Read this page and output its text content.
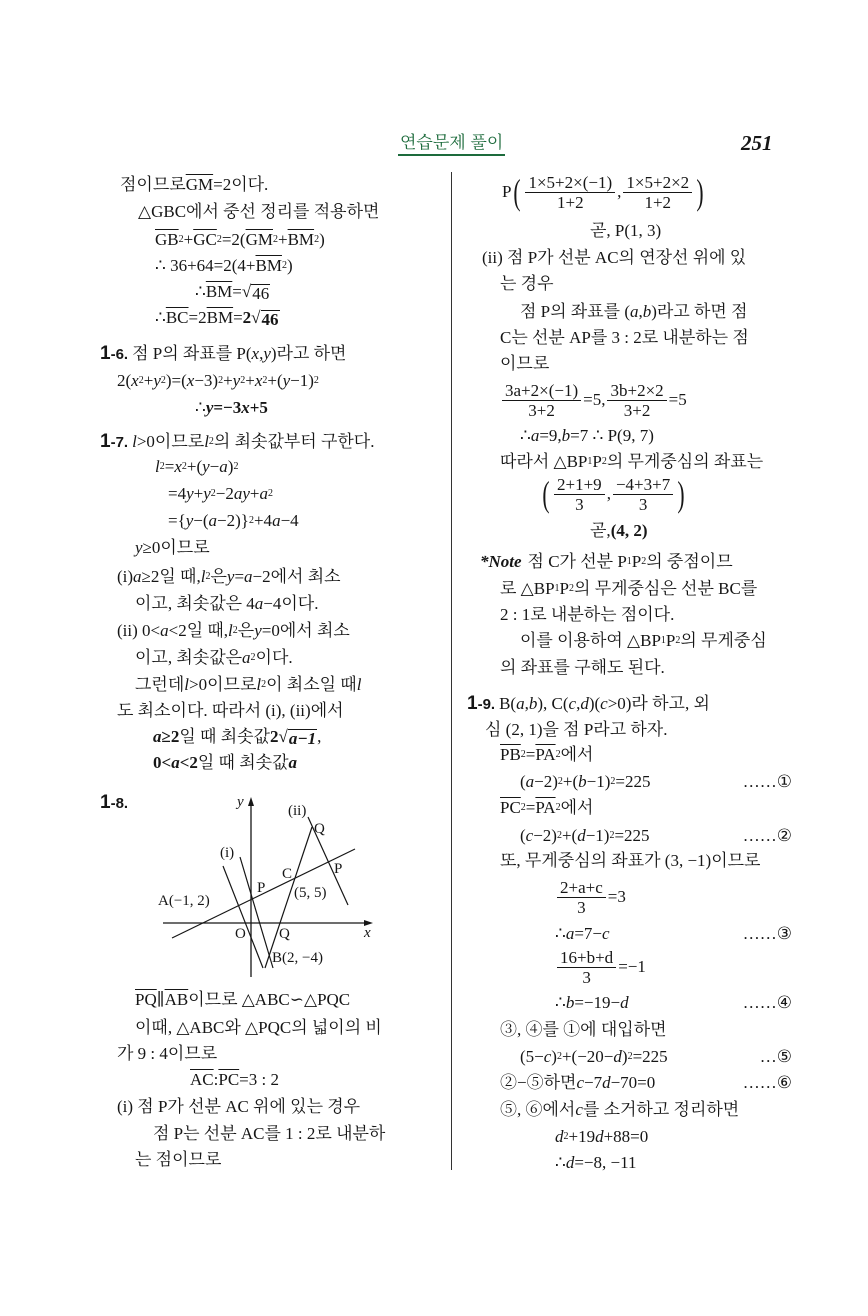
연습문제 풀이	251
점이므로 $\overline{GM} =2$이다.
△GBC에서 중선 정리를 적용하면
$\overline{GB}$ $2 + \overline{GC}$ 2 =2( $\overline{GM}$ $2 + \overline{BM}$ 2 )
∴ $36+64=2(4+ \overline{BM}$ 2 )
∴ $\overline{BM}$ = √ 46
∴ $\overline{BC} =2$ $\overline{BM} = 2$ √ 46
1-6. 점 P의 좌표를 P( x , y )라고 하면
2( x 2 + y 2 )=( x −3) 2 + y 2 + x 2 +( y −1) 2
∴ y =−3 x +5
1-7. l >0이므로 l 2 의 최솟값부터 구한다.
l 2 = x 2 +( y − a ) 2
=4 y + y 2 −2 ay + a 2
={ y −( a −2)} 2 +4 a −4
y ≥0이므로
(i) a ≥2일 때, l 2 은 y = a −2에서 최소
이고, 최솟값은 4 a −4이다.
(ii) 0< a <2일 때, l 2 은 y =0에서 최소
이고, 최솟값은 a 2 이다.
그런데 l >0이므로 l 2 이 최소일 때 l
도 최소이다. 따라서 (i), (ii)에서
a ≥2 일 때 최솟값 2 √ a−1 ,
0< a <2 일 때 최솟값 a
1-8.
$\overline{PQ}$ ∥ $\overline{AB}$ 이므로 △ABC∽△PQC
이때, △ABC와 △PQC의 넓이의 비
가 9 : 4이므로
$\overline{AC}$ : $\overline{PC} =3$ : 2
(i) 점 P가 선분 AC 위에 있는 경우
점 P는 선분 AC를 1 : 2로 내분하
는 점이므로
P ( $\frac{1\times 5+2\times(-1)}{1+2}$ , $\frac{1\times 5+2\times 2}{1+2}$ )
곧, P(1, 3)
(ii) 점 P가 선분 AC의 연장선 위에 있
는 경우
점 P의 좌표를 ( a , b )라고 하면 점
C는 선분 AP를 3 : 2로 내분하는 점
이므로
$\frac{3a+2\times(-1)}{3+2} =5$, $\frac{3b+2\times 2}{3+2} =5$
∴ a =9, b =7 ∴ P(9, 7)
따라서 △BP 1 P 2 의 무게중심의 좌표는
( $\frac{2+1+9}{3}$ , $\frac{-4+3+7}{3}$ )
곧, (4, 2)
*Note 점 C가 선분 P 1 P 2 의 중점이므
로 △BP 1 P 2 의 무게중심은 선분 BC를
2 : 1로 내분하는 점이다.
이를 이용하여 △BP 1 P 2 의 무게중심
의 좌표를 구해도 된다.
1-9. B( a , b ), C( c , d )( c >0)라 하고, 외
심 (2, 1)을 점 P라고 하자.
$\overline{PB}$ $2 = \overline{PA}$ 2 에서
( a −2) 2 +( b −1) 2 =225	……①
$\overline{PC}$ $2 = \overline{PA}$ 2 에서
( c −2) 2 +( d −1) 2 =225	……②
또, 무게중심의 좌표가 (3, −1)이므로
$\frac{2+a+c}{3} =3$
∴ a =7− c	……③
$\frac{16+b+d}{3} =-1$
∴ b =−19− d	……④
③, ④를 ①에 대입하면
(5− c ) 2 +(−20− d ) 2 =225	…⑤
②−⑤하면 c −7 d −70=0	……⑥
⑤, ⑥에서 c 를 소거하고 정리하면
d 2 +19 d +88=0
∴ d =−8, −11
y
x
O
(ii)
(i)
Q
P
C
(5, 5)
P
A(−1, 2)
Q
B(2, −4)
